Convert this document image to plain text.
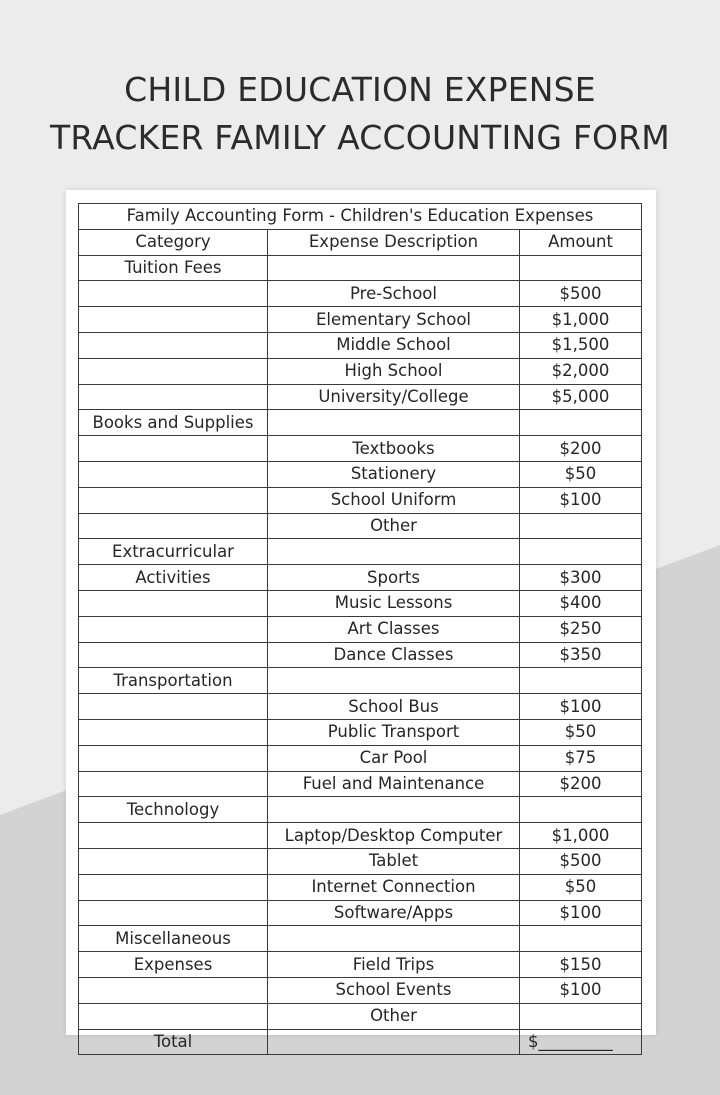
CHILD EDUCATION EXPENSE
TRACKER FAMILY ACCOUNTING FORM
Family Accounting Form - Children's Education Expenses		
Category	Expense Description	Amount
Tuition Fees		
	Pre-School	$500
	Elementary School	$1,000
	Middle School	$1,500
	High School	$2,000
	University/College	$5,000
Books and Supplies		
	Textbooks	$200
	Stationery	$50
	School Uniform	$100
	Other	
Extracurricular		
Activities	Sports	$300
	Music Lessons	$400
	Art Classes	$250
	Dance Classes	$350
Transportation		
	School Bus	$100
	Public Transport	$50
	Car Pool	$75
	Fuel and Maintenance	$200
Technology		
	Laptop/Desktop Computer	$1,000
	Tablet	$500
	Internet Connection	$50
	Software/Apps	$100
Miscellaneous		
Expenses	Field Trips	$150
	School Events	$100
	Other	
Total		$_________
